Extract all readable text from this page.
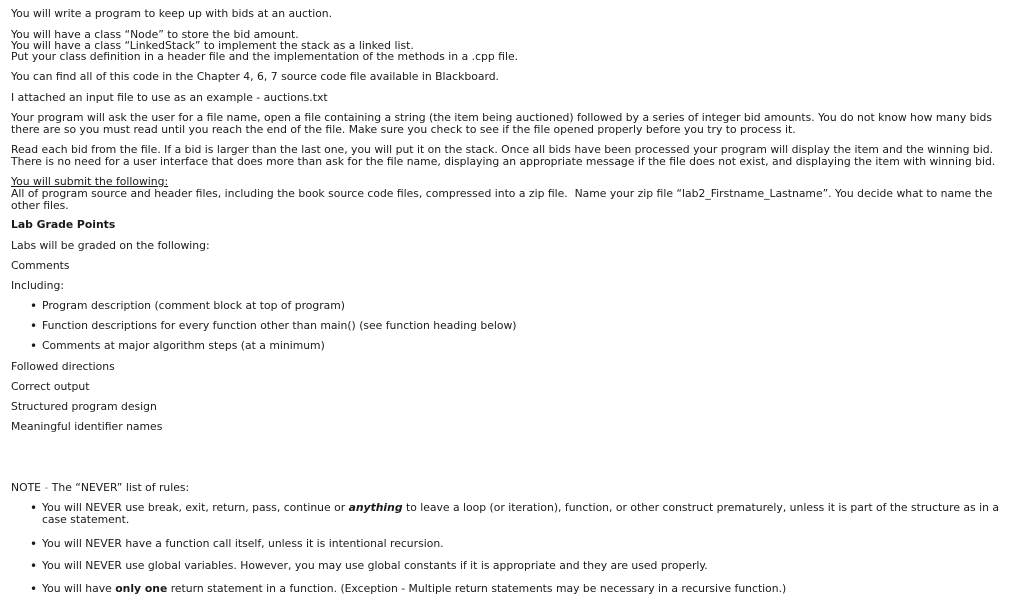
You will write a program to keep up with bids at an auction.
You will have a class “Node” to store the bid amount.
You will have a class “LinkedStack” to implement the stack as a linked list.
Put your class definition in a header file and the implementation of the methods in a .cpp file.
You can find all of this code in the Chapter 4, 6, 7 source code file available in Blackboard.
I attached an input file to use as an example - auctions.txt
Your program will ask the user for a file name, open a file containing a string (the item being auctioned) followed by a series of integer bid amounts. You do not know how many bids there are so you must read until you reach the end of the file. Make sure you check to see if the file opened properly before you try to process it.
Read each bid from the file. If a bid is larger than the last one, you will put it on the stack. Once all bids have been processed your program will display the item and the winning bid. There is no need for a user interface that does more than ask for the file name, displaying an appropriate message if the file does not exist, and displaying the item with winning bid.
You will submit the following:
All of program source and header files, including the book source code files, compressed into a zip file.  Name your zip file “lab2_Firstname_Lastname”. You decide what to name the other files.
Lab Grade Points
Labs will be graded on the following:
Comments
Including:
• Program description (comment block at top of program)
• Function descriptions for every function other than main() (see function heading below)
• Comments at major algorithm steps (at a minimum)
Followed directions
Correct output
Structured program design
Meaningful identifier names
NOTE - The “NEVER” list of rules:
• You will NEVER use break, exit, return, pass, continue or anything to leave a loop (or iteration), function, or other construct prematurely, unless it is part of the structure as in a case statement.
• You will NEVER have a function call itself, unless it is intentional recursion.
• You will NEVER use global variables. However, you may use global constants if it is appropriate and they are used properly.
• You will have only one return statement in a function. (Exception - Multiple return statements may be necessary in a recursive function.)
